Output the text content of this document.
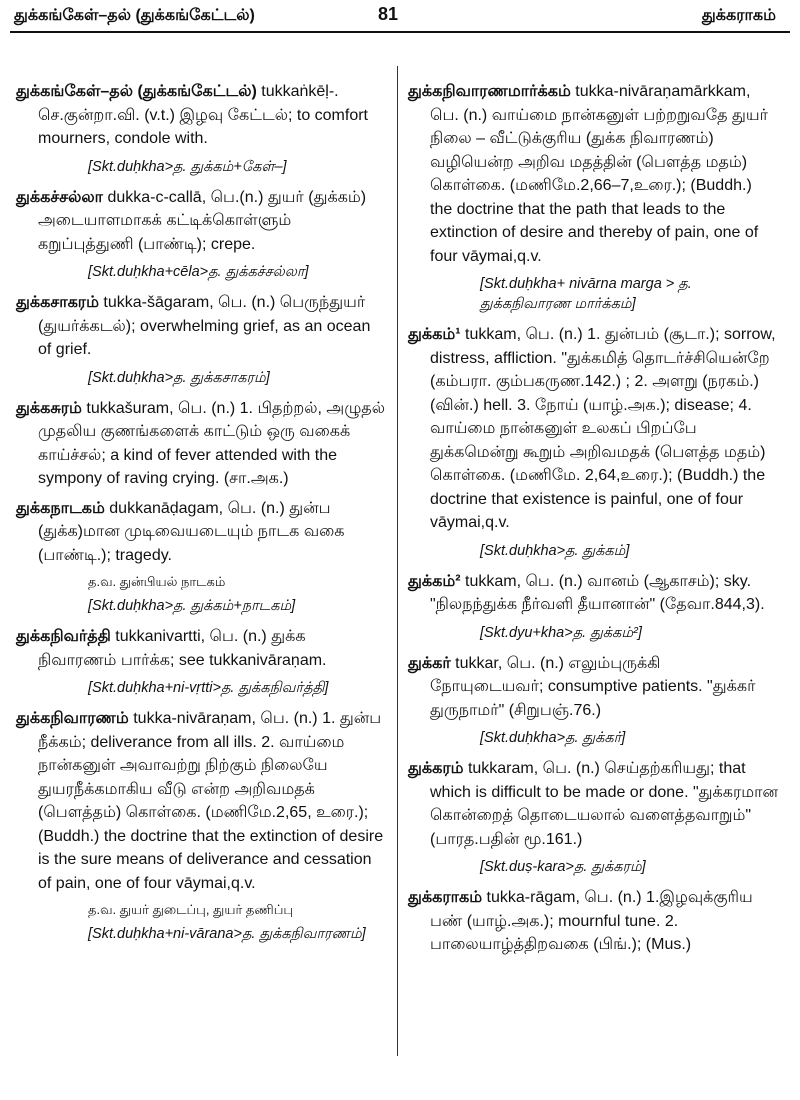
துக்கங்கேள்–தல் (துக்கங்கேட்டல்)	81	துக்கராகம்
துக்கங்கேள்–தல் (துக்கங்கேட்டல்) tukkaṅkēḷ-. செ.குன்றா.வி. (v.t.) இழவு கேட்டல்; to comfort mourners, condole with.
[Skt.duḥkha>த. துக்கம்+கேள்–]
துக்கச்சல்லா dukka-c-callā, பெ.(n.) துயர் (துக்கம்) அடையாளமாகக் கட்டிக்கொள்ளும் கறுப்புத்துணி (பாண்டி); crepe.
[Skt.duḥkha+cēla>த. துக்கச்சல்லா]
துக்கசாகரம் tukka-šāgaram, பெ. (n.) பெருந்துயர் (துயர்க்கடல்); overwhelming grief, as an ocean of grief.
[Skt.duḥkha>த. துக்கசாகரம்]
துக்கசுரம் tukkašuram, பெ. (n.) 1. பிதற்றல், அழுதல் முதலிய குணங்களைக் காட்டும் ஒரு வகைக் காய்ச்சல்; a kind of fever attended with the sympony of raving crying. (சா.அக.)
துக்கநாடகம் dukkanāḍagam, பெ. (n.) துன்ப (துக்க)மான முடிவையடையும் நாடக வகை (பாண்டி.); tragedy.
த.வ. துன்பியல் நாடகம்
[Skt.duḥkha>த. துக்கம்+நாடகம்]
துக்கநிவர்த்தி tukkanivartti, பெ. (n.) துக்க நிவாரணம் பார்க்க; see tukkanivāraṇam.
[Skt.duḥkha+ni-vṛtti>த. துக்கநிவர்த்தி]
துக்கநிவாரணம் tukka-nivāraṇam, பெ. (n.) 1. துன்ப நீக்கம்; deliverance from all ills. 2. வாய்மை நான்கனுள் அவாவற்று நிற்கும் நிலையே துயரநீக்கமாகிய வீடு என்ற அறிவமதக் (பௌத்தம்) கொள்கை. (மணிமே.2,65, உரை.); (Buddh.) the doctrine that the extinction of desire is the sure means of deliverance and cessation of pain, one of four vāymai,q.v.
த.வ. துயர் துடைப்பு, துயர் தணிப்பு
[Skt.duḥkha+ni-vārana>த. துக்கநிவாரணம்]
துக்கநிவாரணமார்க்கம் tukka-nivāraṇamārkkam, பெ. (n.) வாய்மை நான்கனுள் பற்றறுவதே துயர் நிலை – வீட்டுக்குரிய (துக்க நிவாரணம்) வழியென்ற அறிவ மதத்தின் (பௌத்த மதம்) கொள்கை. (மணிமே.2,66–7,உரை.); (Buddh.) the doctrine that the path that leads to the extinction of desire and thereby of pain, one of four vāymai,q.v.
[Skt.duḥkha+ nivārna marga > த. துக்கநிவாரண மார்க்கம்]
துக்கம்¹ tukkam, பெ. (n.) 1. துன்பம் (சூடா.); sorrow, distress, affliction. "துக்கமித் தொடர்ச்சியென்றே (கம்பரா. கும்பகருண.142.) ; 2. அளறு (நரகம்.) (வின்.) hell. 3. நோய் (யாழ்.அக.); disease; 4. வாய்மை நான்கனுள் உலகப் பிறப்பே துக்கமென்று கூறும் அறிவமதக் (பௌத்த மதம்) கொள்கை. (மணிமே. 2,64,உரை.); (Buddh.) the doctrine that existence is painful, one of four vāymai,q.v.
[Skt.duḥkha>த. துக்கம்]
துக்கம்² tukkam, பெ. (n.) வானம் (ஆகாசம்); sky. "நிலநந்துக்க நீர்வளி தீயானான்" (தேவா.844,3).
[Skt.dyu+kha>த. துக்கம்²]
துக்கர் tukkar, பெ. (n.) எலும்புருக்கி நோயுடையவர்; consumptive patients. "துக்கர் துருநாமர்" (சிறுபஞ்.76.)
[Skt.duḥkha>த. துக்கர்]
துக்கரம் tukkaram, பெ. (n.) செய்தற்கரியது; that which is difficult to be made or done. "துக்கரமான கொன்றைத் தொடையலால் வளைத்தவாறும்" (பாரத.பதின் மூ.161.)
[Skt.duṣ-kara>த. துக்கரம்]
துக்கராகம் tukka-rāgam, பெ. (n.) 1.இழவுக்குரிய பண் (யாழ்.அக.); mournful tune. 2. பாலையாழ்த்திறவகை (பிங்.); (Mus.)
